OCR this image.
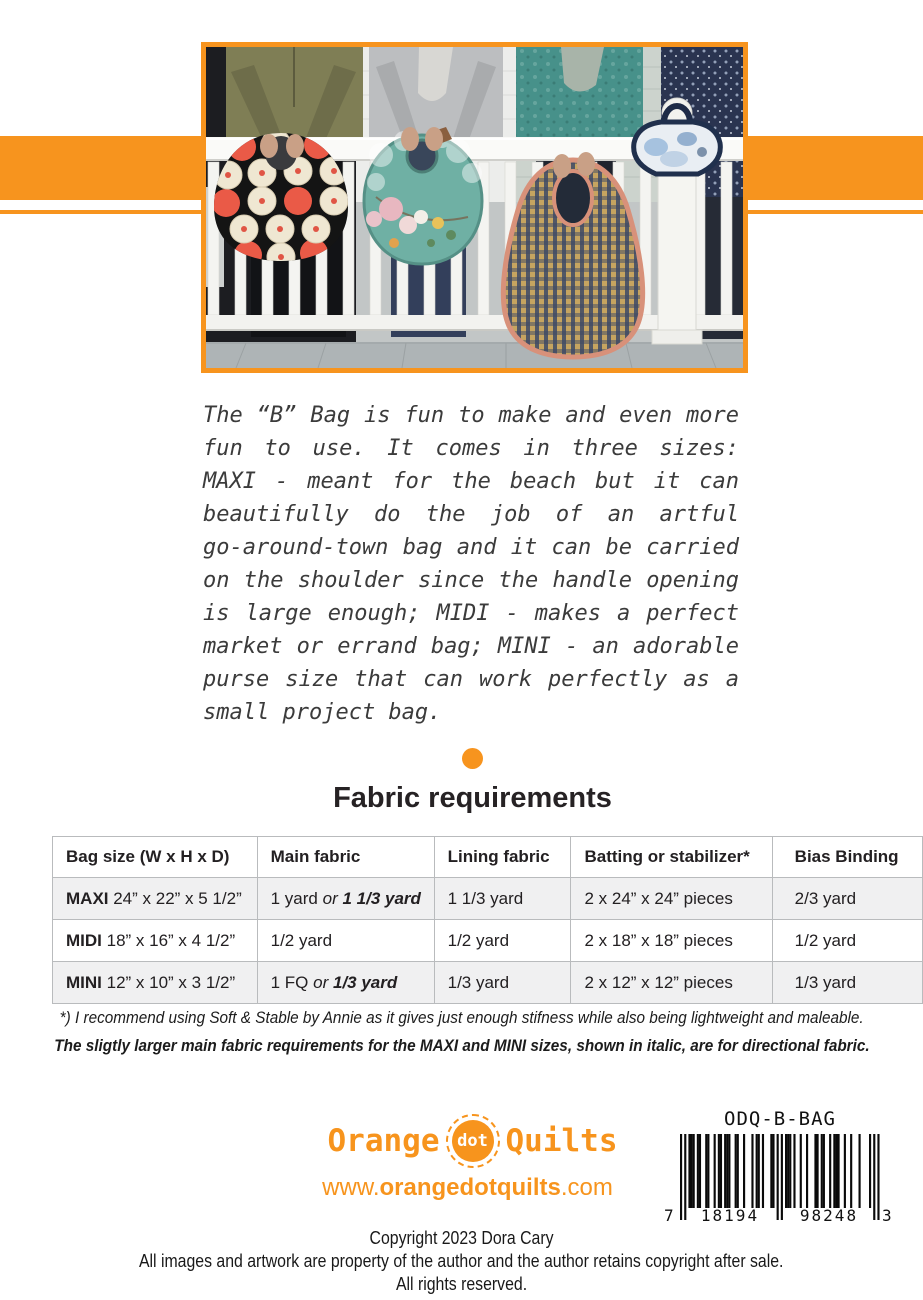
The “B” Bag is fun to make and even more fun to use. It comes in three sizes: MAXI - meant for the beach but it can beautifully do the job of an artful go‑around‑town bag and it can be carried on the shoulder since the handle opening is large enough; MIDI - makes a perfect market or errand bag; MINI - an adorable purse size that can work perfectly as a small project bag.
Fabric requirements
Bag size (W x H x D)	Main fabric	Lining fabric	Batting or stabilizer*	Bias Binding
MAXI 24” x 22” x 5 1/2”	1 yard or 1 1/3 yard	1 1/3 yard	2 x 24” x 24” pieces	2/3 yard
MIDI 18” x 16” x 4 1/2”	1/2 yard	1/2 yard	2 x 18” x 18” pieces	1/2 yard
MINI 12” x 10” x 3 1/2”	1 FQ or 1/3 yard	1/3 yard	2 x 12” x 12” pieces	1/3 yard
*) I recommend using Soft & Stable by Annie as it gives just enough stifness while also being lightweight and maleable.
The sligtly larger main fabric requirements for the MAXI and MINI sizes, shown in italic, are for directional fabric.
Orange dot Quilts
www.orangedotquilts.com
ODQ-B-BAG
7	18194	98248	3
Copyright 2023 Dora Cary
All images and artwork are property of the author and the author retains copyright after sale.
All rights reserved.
